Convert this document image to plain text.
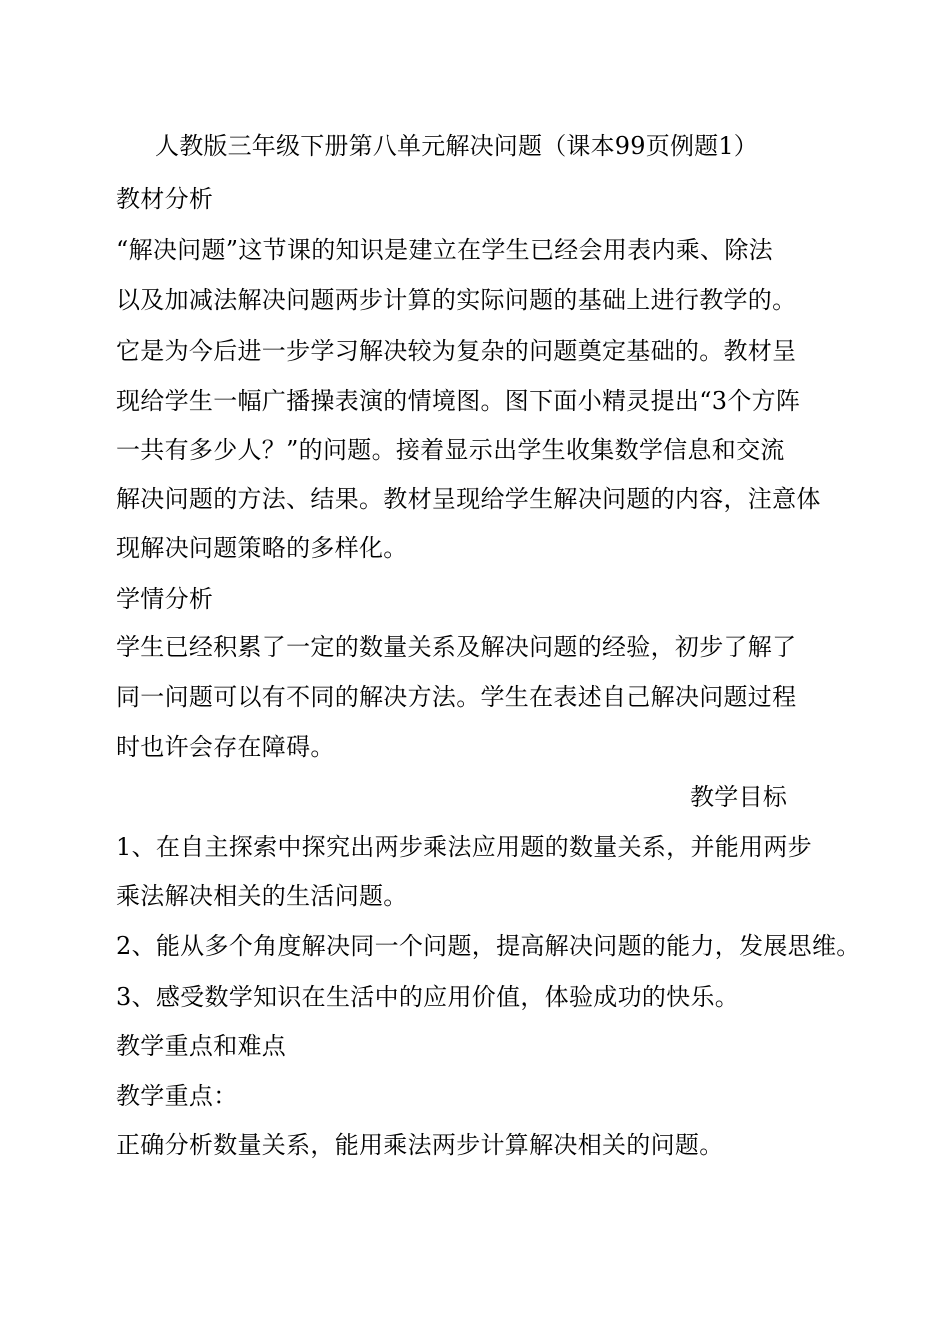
人教版三年级下册第八单元解决问题（课本99页例题1）
教材分析
“解决问题”这节课的知识是建立在学生已经会用表内乘、除法
以及加减法解决问题两步计算的实际问题的基础上进行教学的。
它是为今后进一步学习解决较为复杂的问题奠定基础的。教材呈
现给学生一幅广播操表演的情境图。图下面小精灵提出“3个方阵
一共有多少人？”的问题。接着显示出学生收集数学信息和交流
解决问题的方法、结果。教材呈现给学生解决问题的内容，注意体
现解决问题策略的多样化。
学情分析
学生已经积累了一定的数量关系及解决问题的经验，初步了解了
同一问题可以有不同的解决方法。学生在表述自己解决问题过程
时也许会存在障碍。
教学目标
1、在自主探索中探究出两步乘法应用题的数量关系，并能用两步
乘法解决相关的生活问题。
2、能从多个角度解决同一个问题，提高解决问题的能力，发展思维。
3、感受数学知识在生活中的应用价值，体验成功的快乐。
教学重点和难点
教学重点：
正确分析数量关系，能用乘法两步计算解决相关的问题。
